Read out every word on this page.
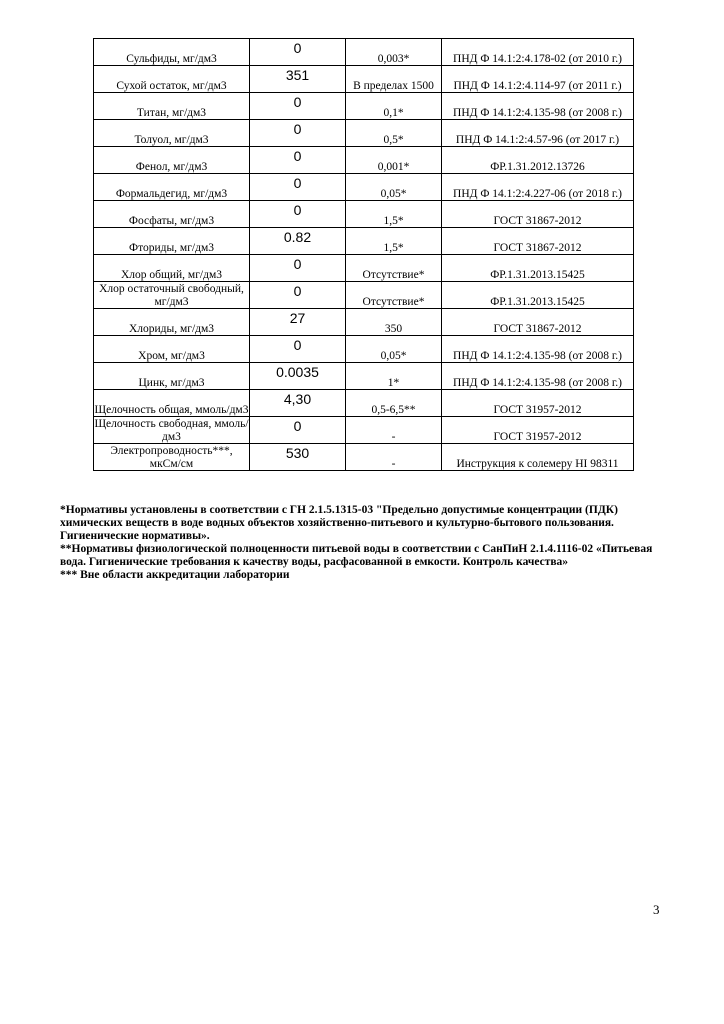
Сульфиды, мг/дм3	0	0,003*	ПНД Ф 14.1:2:4.178-02 (от 2010 г.)
Сухой остаток, мг/дм3	351	В пределах 1500	ПНД Ф 14.1:2:4.114-97 (от 2011 г.)
Титан, мг/дм3	0	0,1*	ПНД Ф 14.1:2:4.135-98 (от 2008 г.)
Толуол, мг/дм3	0	0,5*	ПНД Ф 14.1:2:4.57-96 (от 2017 г.)
Фенол, мг/дм3	0	0,001*	ФР.1.31.2012.13726
Формальдегид, мг/дм3	0	0,05*	ПНД Ф 14.1:2:4.227-06 (от 2018 г.)
Фосфаты, мг/дм3	0	1,5*	ГОСТ 31867-2012
Фториды, мг/дм3	0.82	1,5*	ГОСТ 31867-2012
Хлор общий, мг/дм3	0	Отсутствие*	ФР.1.31.2013.15425
Хлор остаточный свободный, мг/дм3	0	Отсутствие*	ФР.1.31.2013.15425
Хлориды, мг/дм3	27	350	ГОСТ 31867-2012
Хром, мг/дм3	0	0,05*	ПНД Ф 14.1:2:4.135-98 (от 2008 г.)
Цинк, мг/дм3	0.0035	1*	ПНД Ф 14.1:2:4.135-98 (от 2008 г.)
Щелочность общая, ммоль/дм3	4,30	0,5-6,5**	ГОСТ 31957-2012
Щелочность свободная, ммоль/дм3	0	-	ГОСТ 31957-2012
Электропроводность***, мкСм/см	530	-	Инструкция к солемеру HI 98311

*Нормативы установлены в соответствии с ГН 2.1.5.1315-03 "Предельно допустимые концентрации (ПДК) химических веществ в воде водных объектов хозяйственно-питьевого и культурно-бытового пользования. Гигиенические нормативы».

**Нормативы физиологической полноценности питьевой воды в соответствии с СанПиН 2.1.4.1116-02 «Питьевая вода. Гигиенические требования к качеству воды, расфасованной в емкости. Контроль качества»

*** Вне области аккредитации лаборатории

3
